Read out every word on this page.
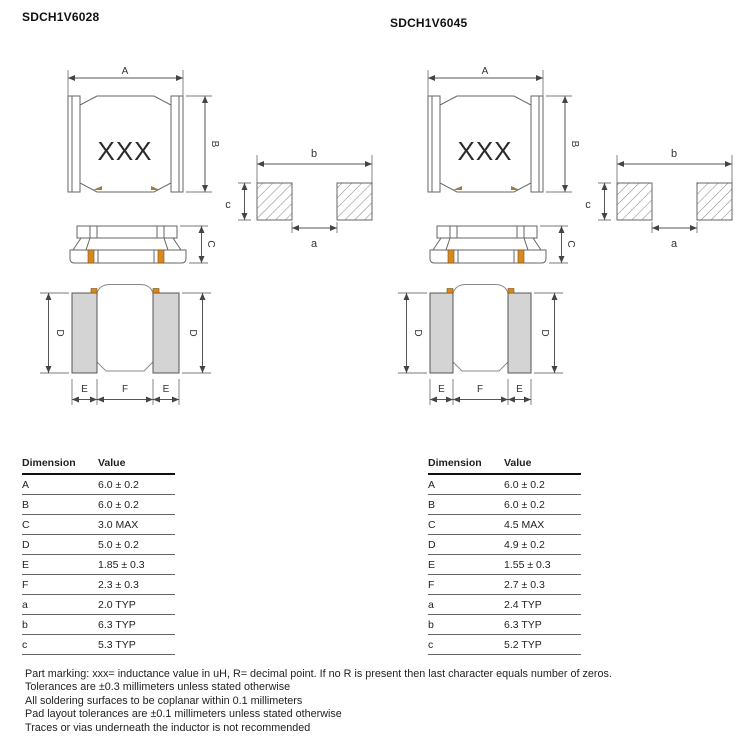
A
XXX	B
b
c
a
C
D	D
E	F	E
A
XXX	B
b
c
a
C
D	D
E	F	E
SDCH1V6028	SDCH1V6045
Dimension	Value
A	6.0 ± 0.2
B	6.0 ± 0.2
C	3.0 MAX
D	5.0 ± 0.2
E	1.85 ± 0.3
F	2.3 ± 0.3
a	2.0 TYP
b	6.3 TYP
c	5.3 TYP
Dimension	Value
A	6.0 ± 0.2
B	6.0 ± 0.2
C	4.5 MAX
D	4.9 ± 0.2
E	1.55 ± 0.3
F	2.7 ± 0.3
a	2.4 TYP
b	6.3 TYP
c	5.2 TYP
Part marking: xxx= inductance value in uH, R= decimal point. If no R is present then last character equals number of zeros.
Tolerances are ±0.3 millimeters unless stated otherwise
All soldering surfaces to be coplanar within 0.1 millimeters
Pad layout tolerances are ±0.1 millimeters unless stated otherwise
Traces or vias underneath the inductor is not recommended
